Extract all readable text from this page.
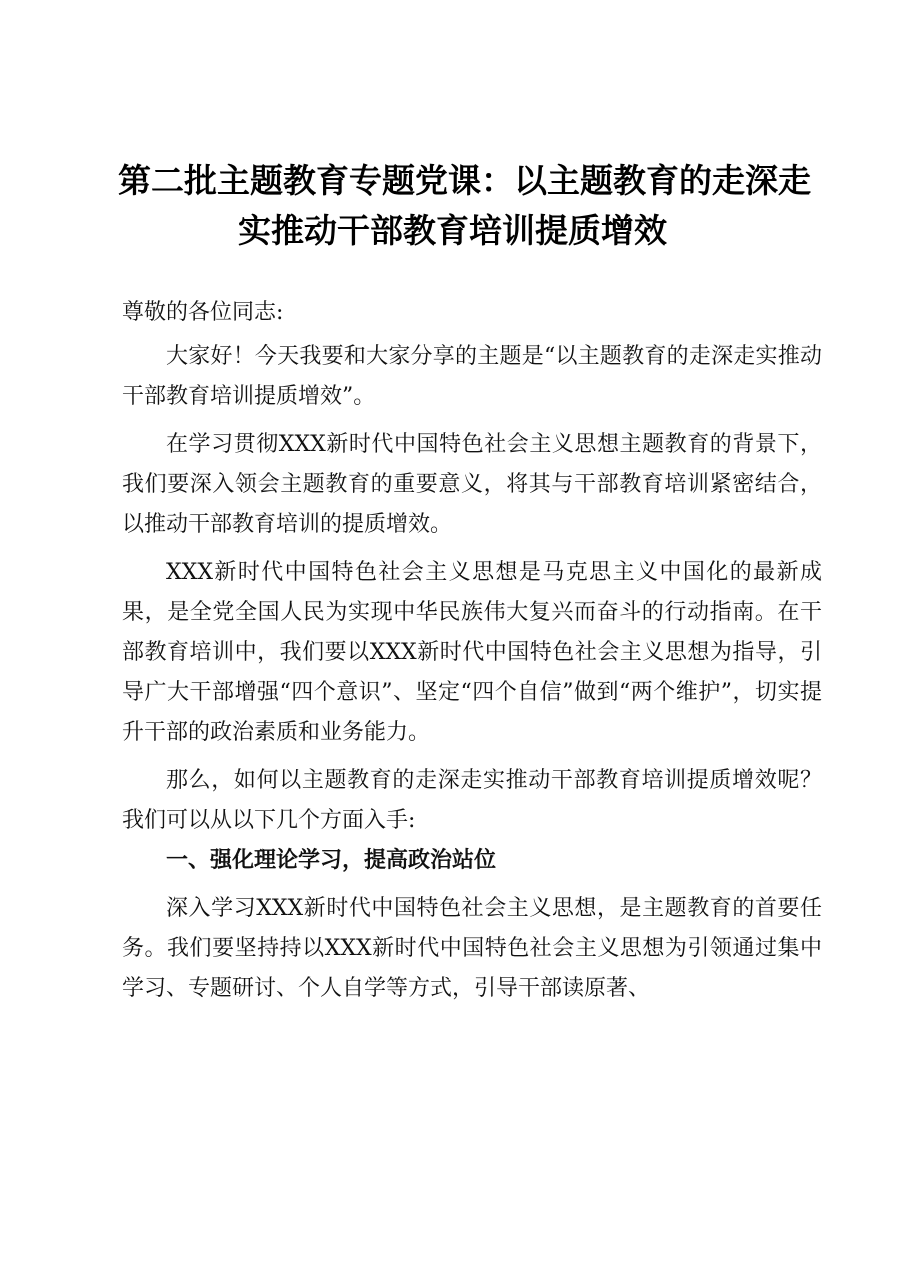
第二批主题教育专题党课：以主题教育的走深走
实推动干部教育培训提质增效

尊敬的各位同志:

大家好！今天我要和大家分享的主题是“以主题教育的走深走实推动干部教育培训提质增效”。

在学习贯彻XXX新时代中国特色社会主义思想主题教育的背景下，我们要深入领会主题教育的重要意义，将其与干部教育培训紧密结合，以推动干部教育培训的提质增效。

XXX新时代中国特色社会主义思想是马克思主义中国化的最新成果，是全党全国人民为实现中华民族伟大复兴而奋斗的行动指南。在干部教育培训中，我们要以XXX新时代中国特色社会主义思想为指导，引导广大干部增强“四个意识”、坚定“四个自信”做到“两个维护”，切实提升干部的政治素质和业务能力。

那么，如何以主题教育的走深走实推动干部教育培训提质增效呢？我们可以从以下几个方面入手:

一、强化理论学习，提高政治站位

深入学习XXX新时代中国特色社会主义思想，是主题教育的首要任务。我们要坚持持以XXX新时代中国特色社会主义思想为引领通过集中学习、专题研讨、个人自学等方式，引导干部读原著、
